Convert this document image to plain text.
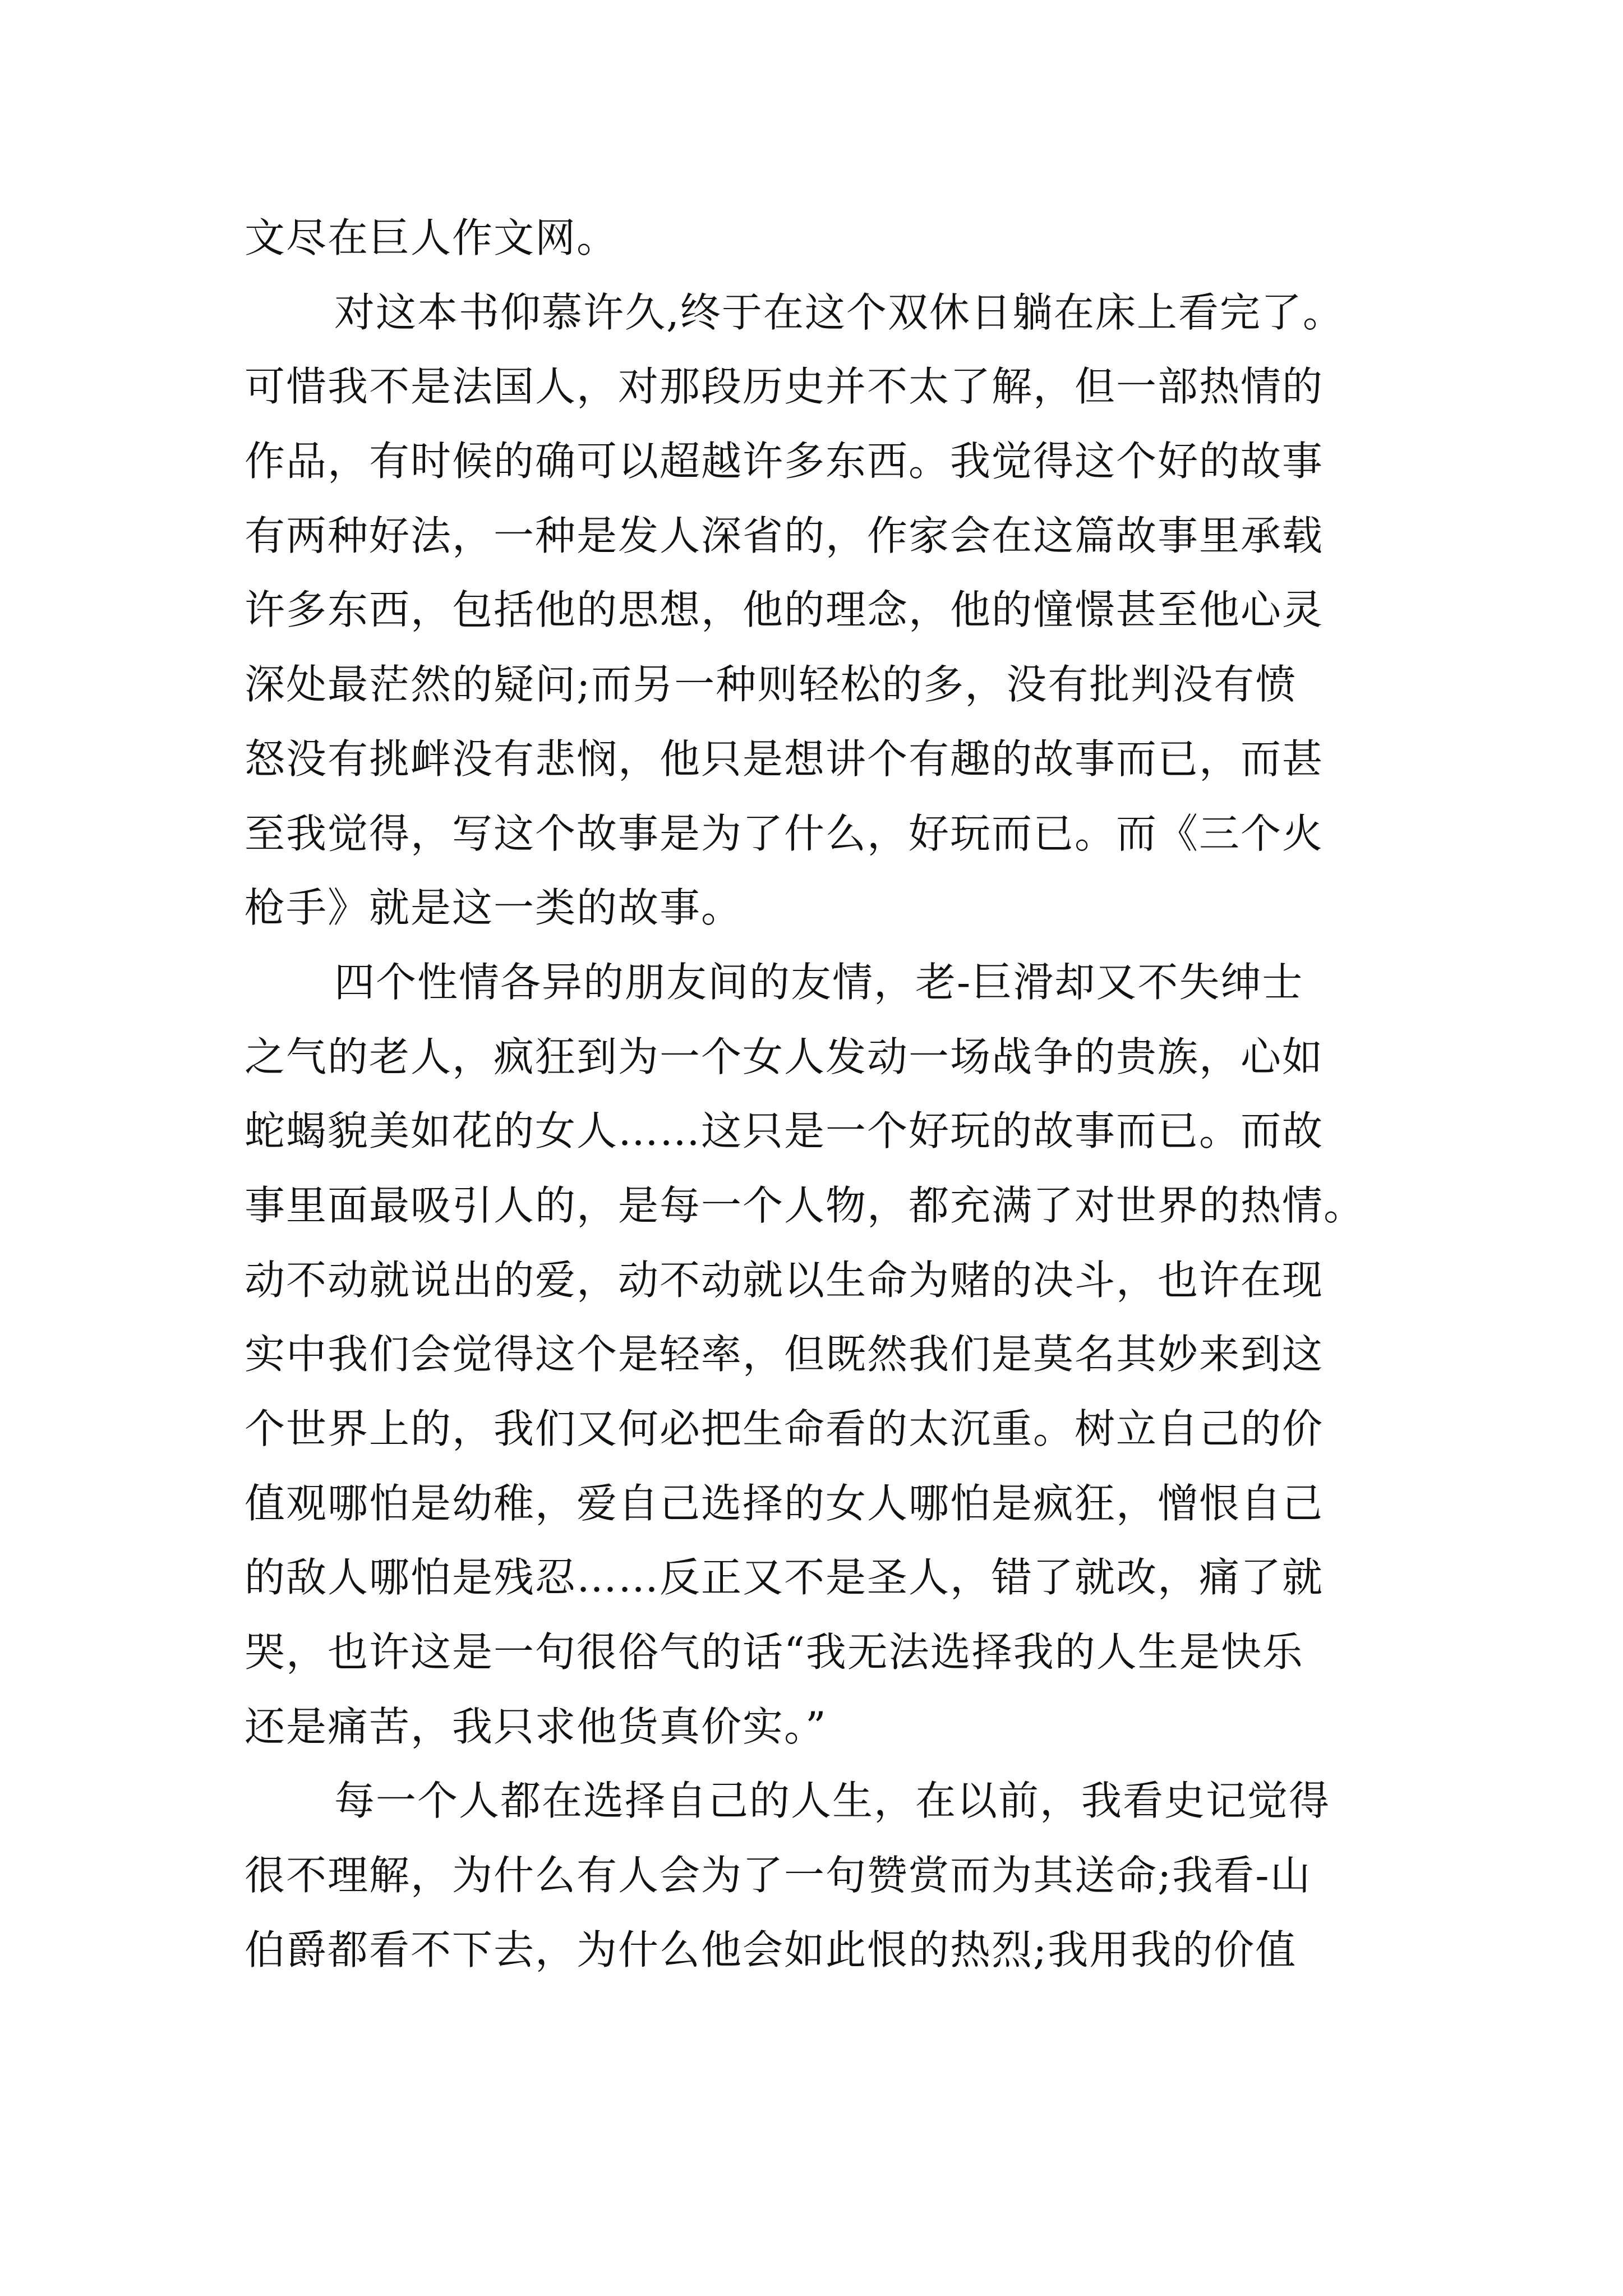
文尽在巨人作文网。
对这本书仰慕许久,终于在这个双休日躺在床上看完了。
可惜我不是法国人，对那段历史并不太了解，但一部热情的
作品，有时候的确可以超越许多东西。我觉得这个好的故事
有两种好法，一种是发人深省的，作家会在这篇故事里承载
许多东西，包括他的思想，他的理念，他的憧憬甚至他心灵
深处最茫然的疑问;而另一种则轻松的多，没有批判没有愤
怒没有挑衅没有悲悯，他只是想讲个有趣的故事而已，而甚
至我觉得，写这个故事是为了什么，好玩而已。而《三个火
枪手》就是这一类的故事。
四个性情各异的朋友间的友情，老-巨滑却又不失绅士
之气的老人，疯狂到为一个女人发动一场战争的贵族，心如
蛇蝎貌美如花的女人……这只是一个好玩的故事而已。而故
事里面最吸引人的，是每一个人物，都充满了对世界的热情。
动不动就说出的爱，动不动就以生命为赌的决斗，也许在现
实中我们会觉得这个是轻率，但既然我们是莫名其妙来到这
个世界上的，我们又何必把生命看的太沉重。树立自己的价
值观哪怕是幼稚，爱自己选择的女人哪怕是疯狂，憎恨自己
的敌人哪怕是残忍……反正又不是圣人，错了就改，痛了就
哭，也许这是一句很俗气的话“我无法选择我的人生是快乐
还是痛苦，我只求他货真价实。”
每一个人都在选择自己的人生，在以前，我看史记觉得
很不理解，为什么有人会为了一句赞赏而为其送命;我看-山
伯爵都看不下去，为什么他会如此恨的热烈;我用我的价值
